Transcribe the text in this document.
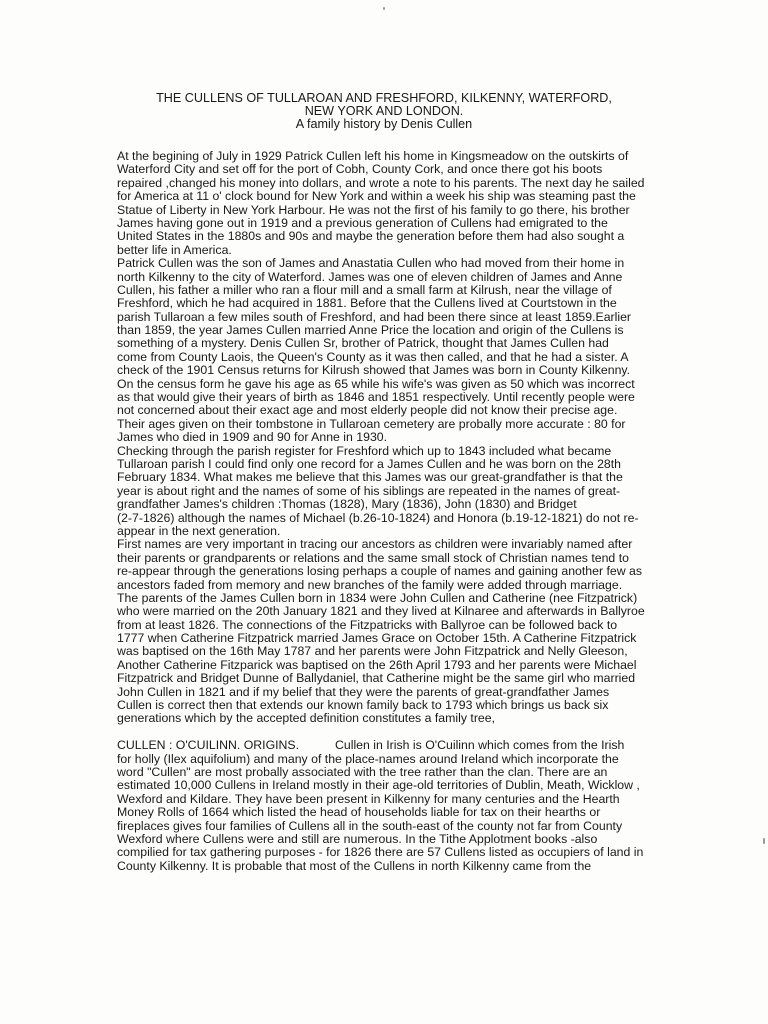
THE CULLENS OF TULLAROAN AND FRESHFORD, KILKENNY, WATERFORD,
NEW YORK AND LONDON.
A family history by Denis Cullen
At the begining of July in 1929 Patrick Cullen left his home in Kingsmeadow on the outskirts of
Waterford City and set off for the port of Cobh, County Cork, and once there got his boots
repaired ,changed his money into dollars, and wrote a note to his parents. The next day he sailed
for America at 11 o' clock bound for New York and within a week his ship was steaming past the
Statue of Liberty in New York Harbour. He was not the first of his family to go there, his brother
James having gone out in 1919 and a previous generation of Cullens had emigrated to the
United States in the 1880s and 90s and maybe the generation before them had also sought a
better life in America.
Patrick Cullen was the son of James and Anastatia Cullen who had moved from their home in
north Kilkenny to the city of Waterford. James was one of eleven children of James and Anne
Cullen, his father a miller who ran a flour mill and a small farm at Kilrush, near the village of
Freshford, which he had acquired in 1881. Before that the Cullens lived at Courtstown in the
parish Tullaroan a few miles south of Freshford, and had been there since at least 1859.Earlier
than 1859, the year James Cullen married Anne Price the location and origin of the Cullens is
something of a mystery. Denis Cullen Sr, brother of Patrick, thought that James Cullen had
come from County Laois, the Queen's County as it was then called, and that he had a sister. A
check of the 1901 Census returns for Kilrush showed that James was born in County Kilkenny.
On the census form he gave his age as 65 while his wife's was given as 50 which was incorrect
as that would give their years of birth as 1846 and 1851 respectively. Until recently people were
not concerned about their exact age and most elderly people did not know their precise age.
Their ages given on their tombstone in Tullaroan cemetery are probally more accurate : 80 for
James who died in 1909 and 90 for Anne in 1930.
Checking through the parish register for Freshford which up to 1843 included what became
Tullaroan parish I could find only one record for a James Cullen and he was born on the 28th
February 1834. What makes me believe that this James was our great-grandfather is that the
year is about right and the names of some of his siblings are repeated in the names of great-
grandfather James's children :Thomas (1828), Mary (1836), John (1830) and Bridget
(2-7-1826) although the names of Michael (b.26-10-1824) and Honora (b.19-12-1821) do not re-
appear in the next generation.
First names are very important in tracing our ancestors as children were invariably named after
their parents or grandparents or relations and the same small stock of Christian names tend to
re-appear through the generations losing perhaps a couple of names and gaining another few as
ancestors faded from memory and new branches of the family were added through marriage.
The parents of the James Cullen born in 1834 were John Cullen and Catherine (nee Fitzpatrick)
who were married on the 20th January 1821 and they lived at Kilnaree and afterwards in Ballyroe
from at least 1826. The connections of the Fitzpatricks with Ballyroe can be followed back to
1777 when Catherine Fitzpatrick married James Grace on October 15th. A Catherine Fitzpatrick
was baptised on the 16th May 1787 and her parents were John Fitzpatrick and Nelly Gleeson,
Another Catherine Fitzparick was baptised on the 26th April 1793 and her parents were Michael
Fitzpatrick and Bridget Dunne of Ballydaniel, that Catherine might be the same girl who married
John Cullen in 1821 and if my belief that they were the parents of great-grandfather James
Cullen is correct then that extends our known family back to 1793 which brings us back six
generations which by the accepted definition constitutes a family tree,
CULLEN : O'CUILINN. ORIGINS.	Cullen in Irish is O'Cuilinn which comes from the Irish
for holly (Ilex aquifolium) and many of the place-names around Ireland which incorporate the
word "Cullen" are most probally associated with the tree rather than the clan. There are an
estimated 10,000 Cullens in Ireland mostly in their age-old territories of Dublin, Meath, Wicklow ,
Wexford and Kildare. They have been present in Kilkenny for many centuries and the Hearth
Money Rolls of 1664 which listed the head of households liable for tax on their hearths or
fireplaces gives four families of Cullens all in the south-east of the county not far from County
Wexford where Cullens were and still are numerous. In the Tithe Applotment books -also
compilied for tax gathering purposes - for 1826 there are 57 Cullens listed as occupiers of land in
County Kilkenny. It is probable that most of the Cullens in north Kilkenny came from the
